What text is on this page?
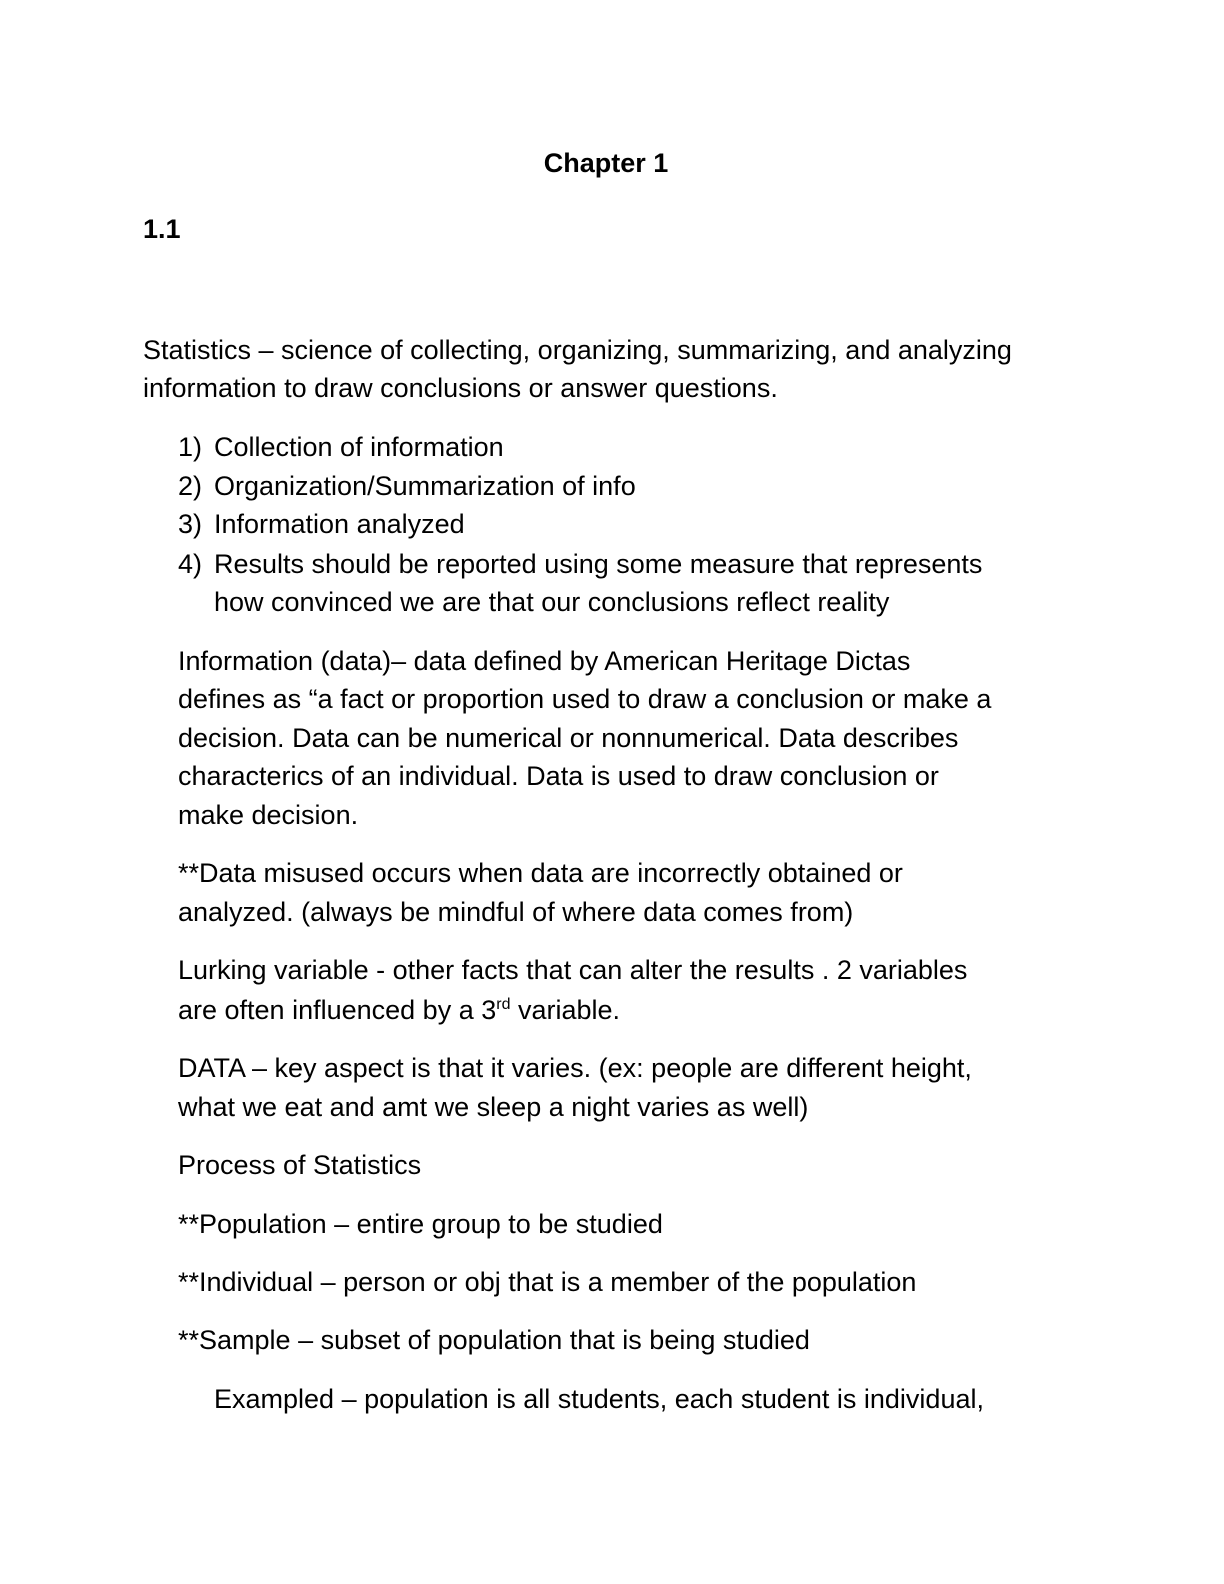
Chapter 1
1.1
Statistics – science of collecting, organizing, summarizing, and analyzing
information to draw conclusions or answer questions.
1) Collection of information
2) Organization/Summarization of info
3) Information analyzed
4) Results should be reported using some measure that represents
how convinced we are that our conclusions reflect reality
Information (data)– data defined by American Heritage Dictas
defines as “a fact or proportion used to draw a conclusion or make a
decision. Data can be numerical or nonnumerical. Data describes
characterics of an individual. Data is used to draw conclusion or
make decision.
**Data misused occurs when data are incorrectly obtained or
analyzed. (always be mindful of where data comes from)
Lurking variable - other facts that can alter the results . 2 variables
are often influenced by a 3rd variable.
DATA – key aspect is that it varies. (ex: people are different height,
what we eat and amt we sleep a night varies as well)
Process of Statistics
**Population – entire group to be studied
**Individual – person or obj that is a member of the population
**Sample – subset of population that is being studied
Exampled – population is all students, each student is individual,
